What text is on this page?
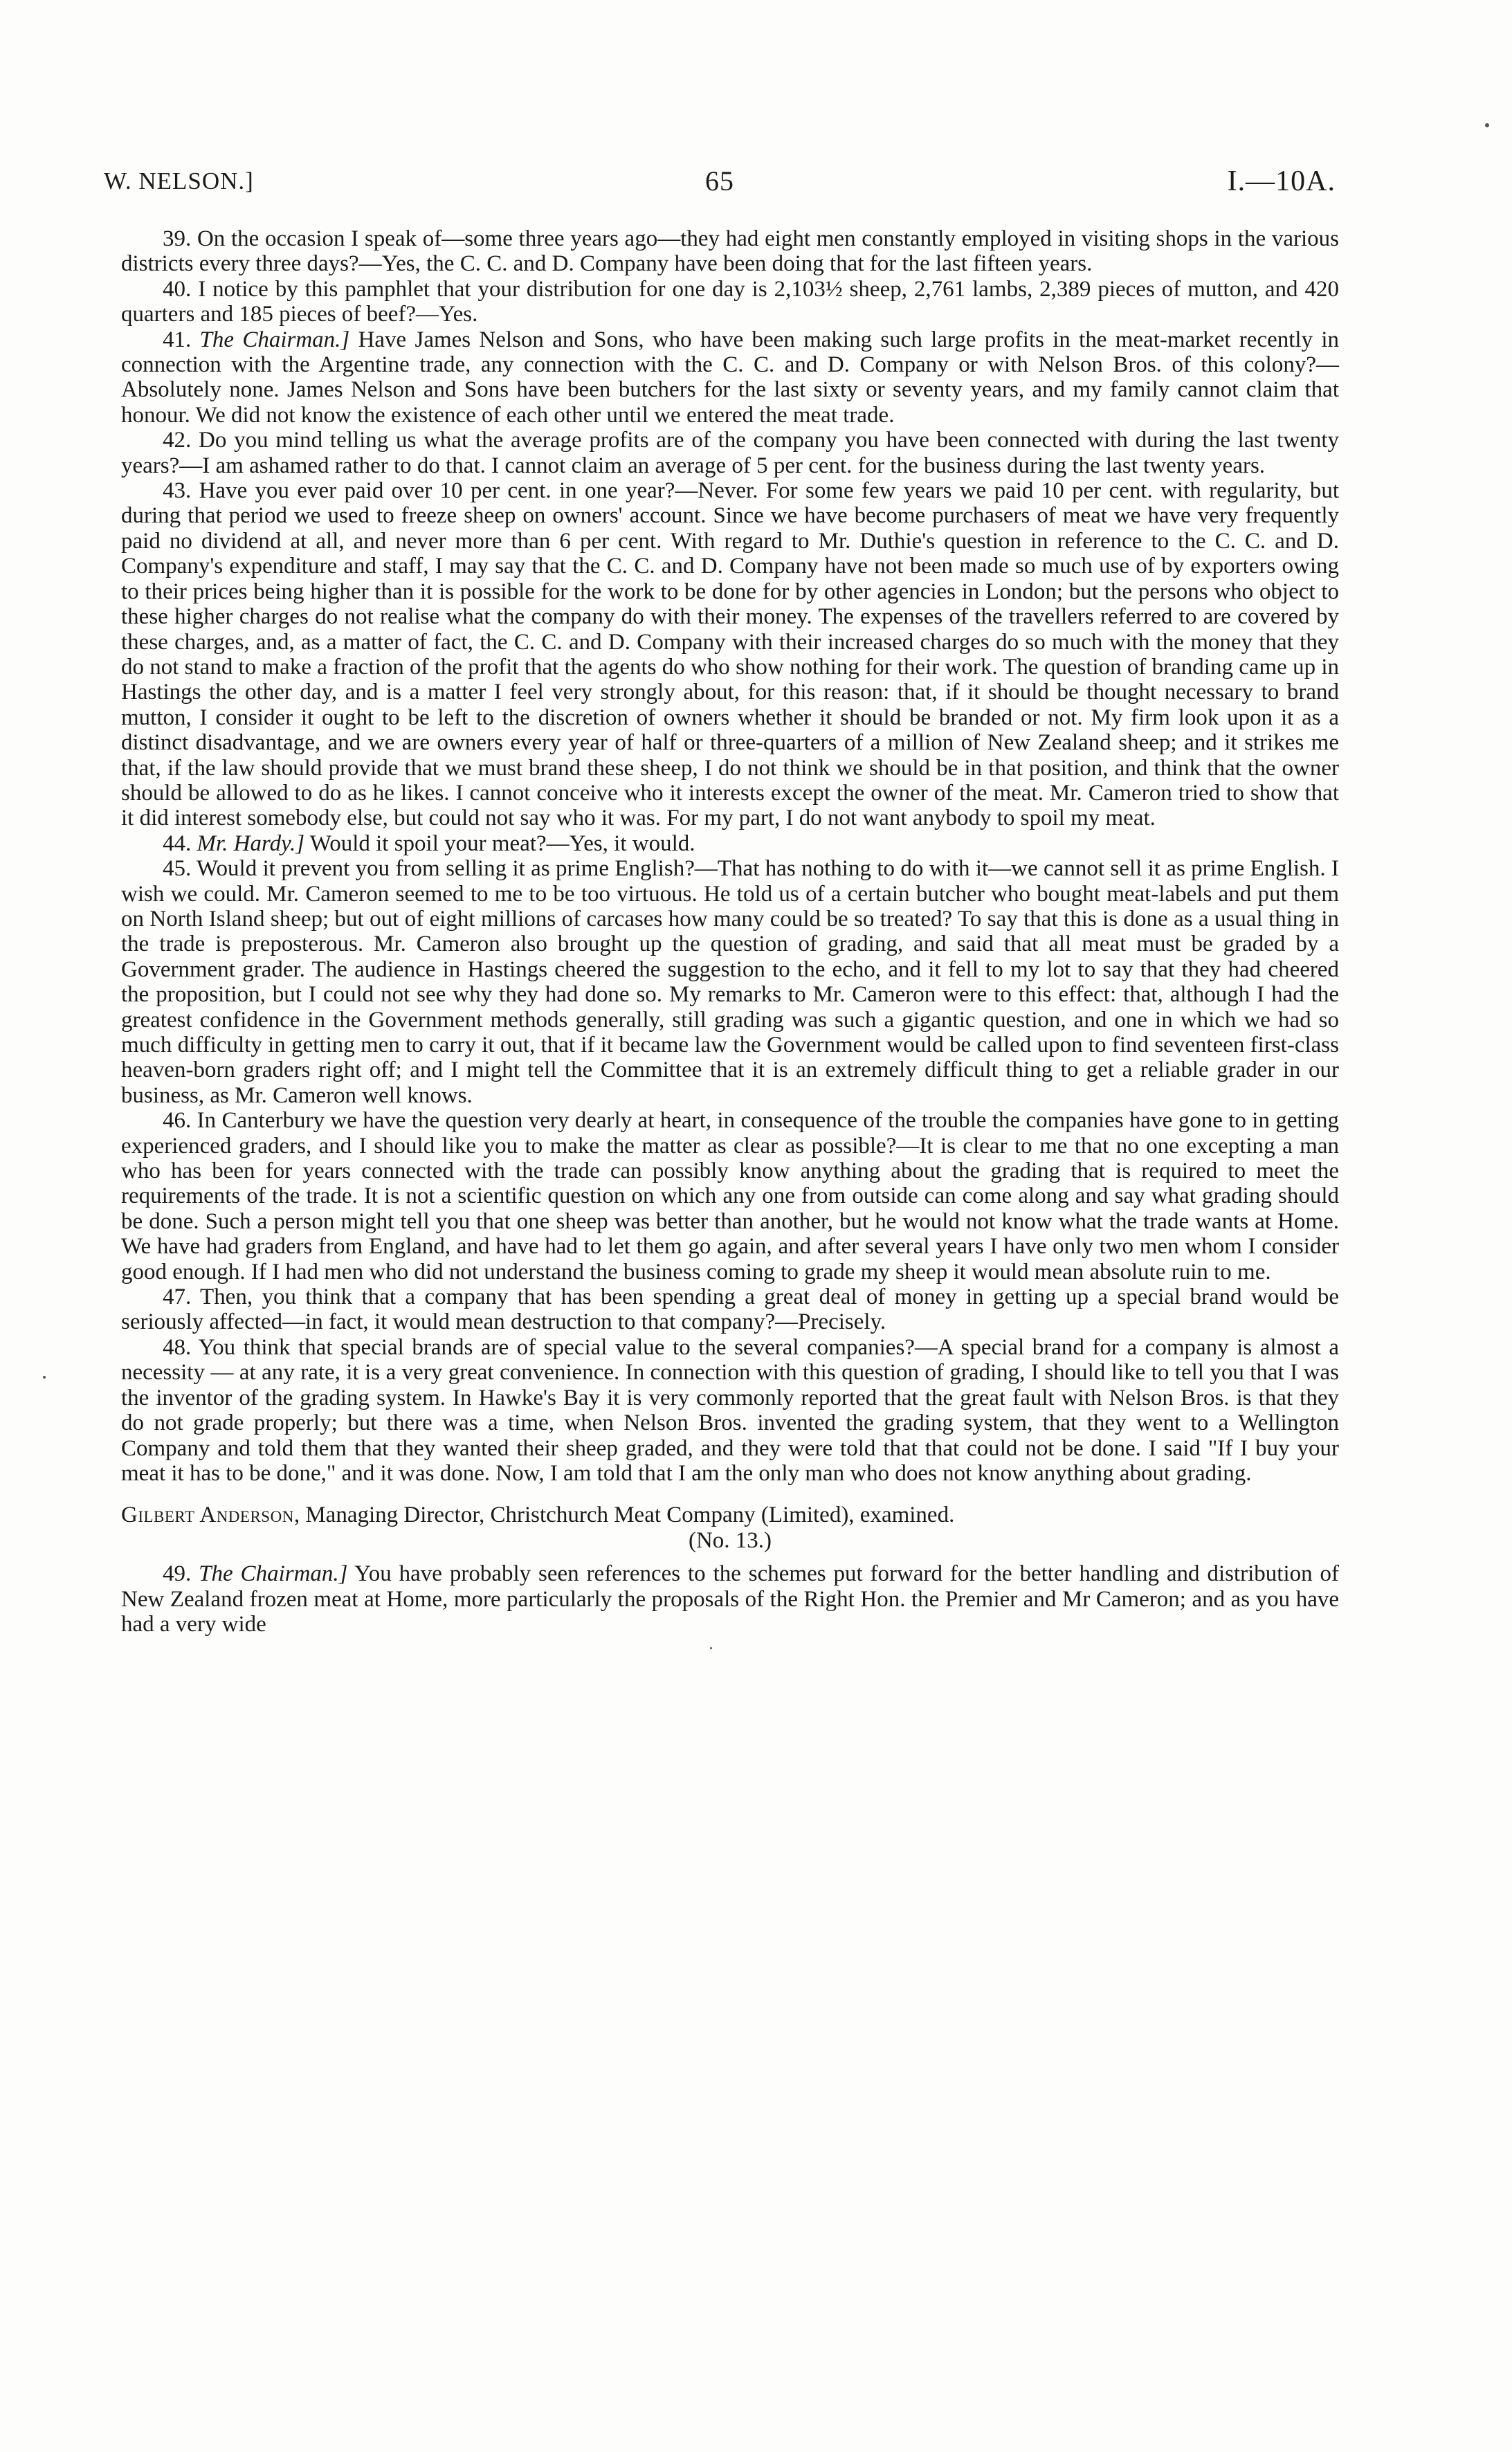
W. NELSON.]	65	I.—10A.

39. On the occasion I speak of—some three years ago—they had eight men constantly employed in visiting shops in the various districts every three days?—Yes, the C. C. and D. Company have been doing that for the last fifteen years.

40. I notice by this pamphlet that your distribution for one day is 2,103½ sheep, 2,761 lambs, 2,389 pieces of mutton, and 420 quarters and 185 pieces of beef?—Yes.

41. The Chairman.] Have James Nelson and Sons, who have been making such large profits in the meat-market recently in connection with the Argentine trade, any connection with the C. C. and D. Company or with Nelson Bros. of this colony?—Absolutely none. James Nelson and Sons have been butchers for the last sixty or seventy years, and my family cannot claim that honour. We did not know the existence of each other until we entered the meat trade.

42. Do you mind telling us what the average profits are of the company you have been connected with during the last twenty years?—I am ashamed rather to do that. I cannot claim an average of 5 per cent. for the business during the last twenty years.

43. Have you ever paid over 10 per cent. in one year?—Never. For some few years we paid 10 per cent. with regularity, but during that period we used to freeze sheep on owners' account. Since we have become purchasers of meat we have very frequently paid no dividend at all, and never more than 6 per cent. With regard to Mr. Duthie's question in reference to the C. C. and D. Company's expenditure and staff, I may say that the C. C. and D. Company have not been made so much use of by exporters owing to their prices being higher than it is possible for the work to be done for by other agencies in London; but the persons who object to these higher charges do not realise what the company do with their money. The expenses of the travellers referred to are covered by these charges, and, as a matter of fact, the C. C. and D. Company with their increased charges do so much with the money that they do not stand to make a fraction of the profit that the agents do who show nothing for their work. The question of branding came up in Hastings the other day, and is a matter I feel very strongly about, for this reason: that, if it should be thought necessary to brand mutton, I consider it ought to be left to the discretion of owners whether it should be branded or not. My firm look upon it as a distinct disadvantage, and we are owners every year of half or three-quarters of a million of New Zealand sheep; and it strikes me that, if the law should provide that we must brand these sheep, I do not think we should be in that position, and think that the owner should be allowed to do as he likes. I cannot conceive who it interests except the owner of the meat. Mr. Cameron tried to show that it did interest somebody else, but could not say who it was. For my part, I do not want anybody to spoil my meat.

44. Mr. Hardy.] Would it spoil your meat?—Yes, it would.

45. Would it prevent you from selling it as prime English?—That has nothing to do with it—we cannot sell it as prime English. I wish we could. Mr. Cameron seemed to me to be too virtuous. He told us of a certain butcher who bought meat-labels and put them on North Island sheep; but out of eight millions of carcases how many could be so treated? To say that this is done as a usual thing in the trade is preposterous. Mr. Cameron also brought up the question of grading, and said that all meat must be graded by a Government grader. The audience in Hastings cheered the suggestion to the echo, and it fell to my lot to say that they had cheered the proposition, but I could not see why they had done so. My remarks to Mr. Cameron were to this effect: that, although I had the greatest confidence in the Government methods generally, still grading was such a gigantic question, and one in which we had so much difficulty in getting men to carry it out, that if it became law the Government would be called upon to find seventeen first-class heaven-born graders right off; and I might tell the Committee that it is an extremely difficult thing to get a reliable grader in our business, as Mr. Cameron well knows.

46. In Canterbury we have the question very dearly at heart, in consequence of the trouble the companies have gone to in getting experienced graders, and I should like you to make the matter as clear as possible?—It is clear to me that no one excepting a man who has been for years connected with the trade can possibly know anything about the grading that is required to meet the requirements of the trade. It is not a scientific question on which any one from outside can come along and say what grading should be done. Such a person might tell you that one sheep was better than another, but he would not know what the trade wants at Home. We have had graders from England, and have had to let them go again, and after several years I have only two men whom I consider good enough. If I had men who did not understand the business coming to grade my sheep it would mean absolute ruin to me.

47. Then, you think that a company that has been spending a great deal of money in getting up a special brand would be seriously affected—in fact, it would mean destruction to that company?—Precisely.

48. You think that special brands are of special value to the several companies?—A special brand for a company is almost a necessity — at any rate, it is a very great convenience. In connection with this question of grading, I should like to tell you that I was the inventor of the grading system. In Hawke's Bay it is very commonly reported that the great fault with Nelson Bros. is that they do not grade properly; but there was a time, when Nelson Bros. invented the grading system, that they went to a Wellington Company and told them that they wanted their sheep graded, and they were told that that could not be done. I said "If I buy your meat it has to be done," and it was done. Now, I am told that I am the only man who does not know anything about grading.

Gilbert Anderson, Managing Director, Christchurch Meat Company (Limited), examined.
(No. 13.)

49. The Chairman.] You have probably seen references to the schemes put forward for the better handling and distribution of New Zealand frozen meat at Home, more particularly the proposals of the Right Hon. the Premier and Mr Cameron; and as you have had a very wide
